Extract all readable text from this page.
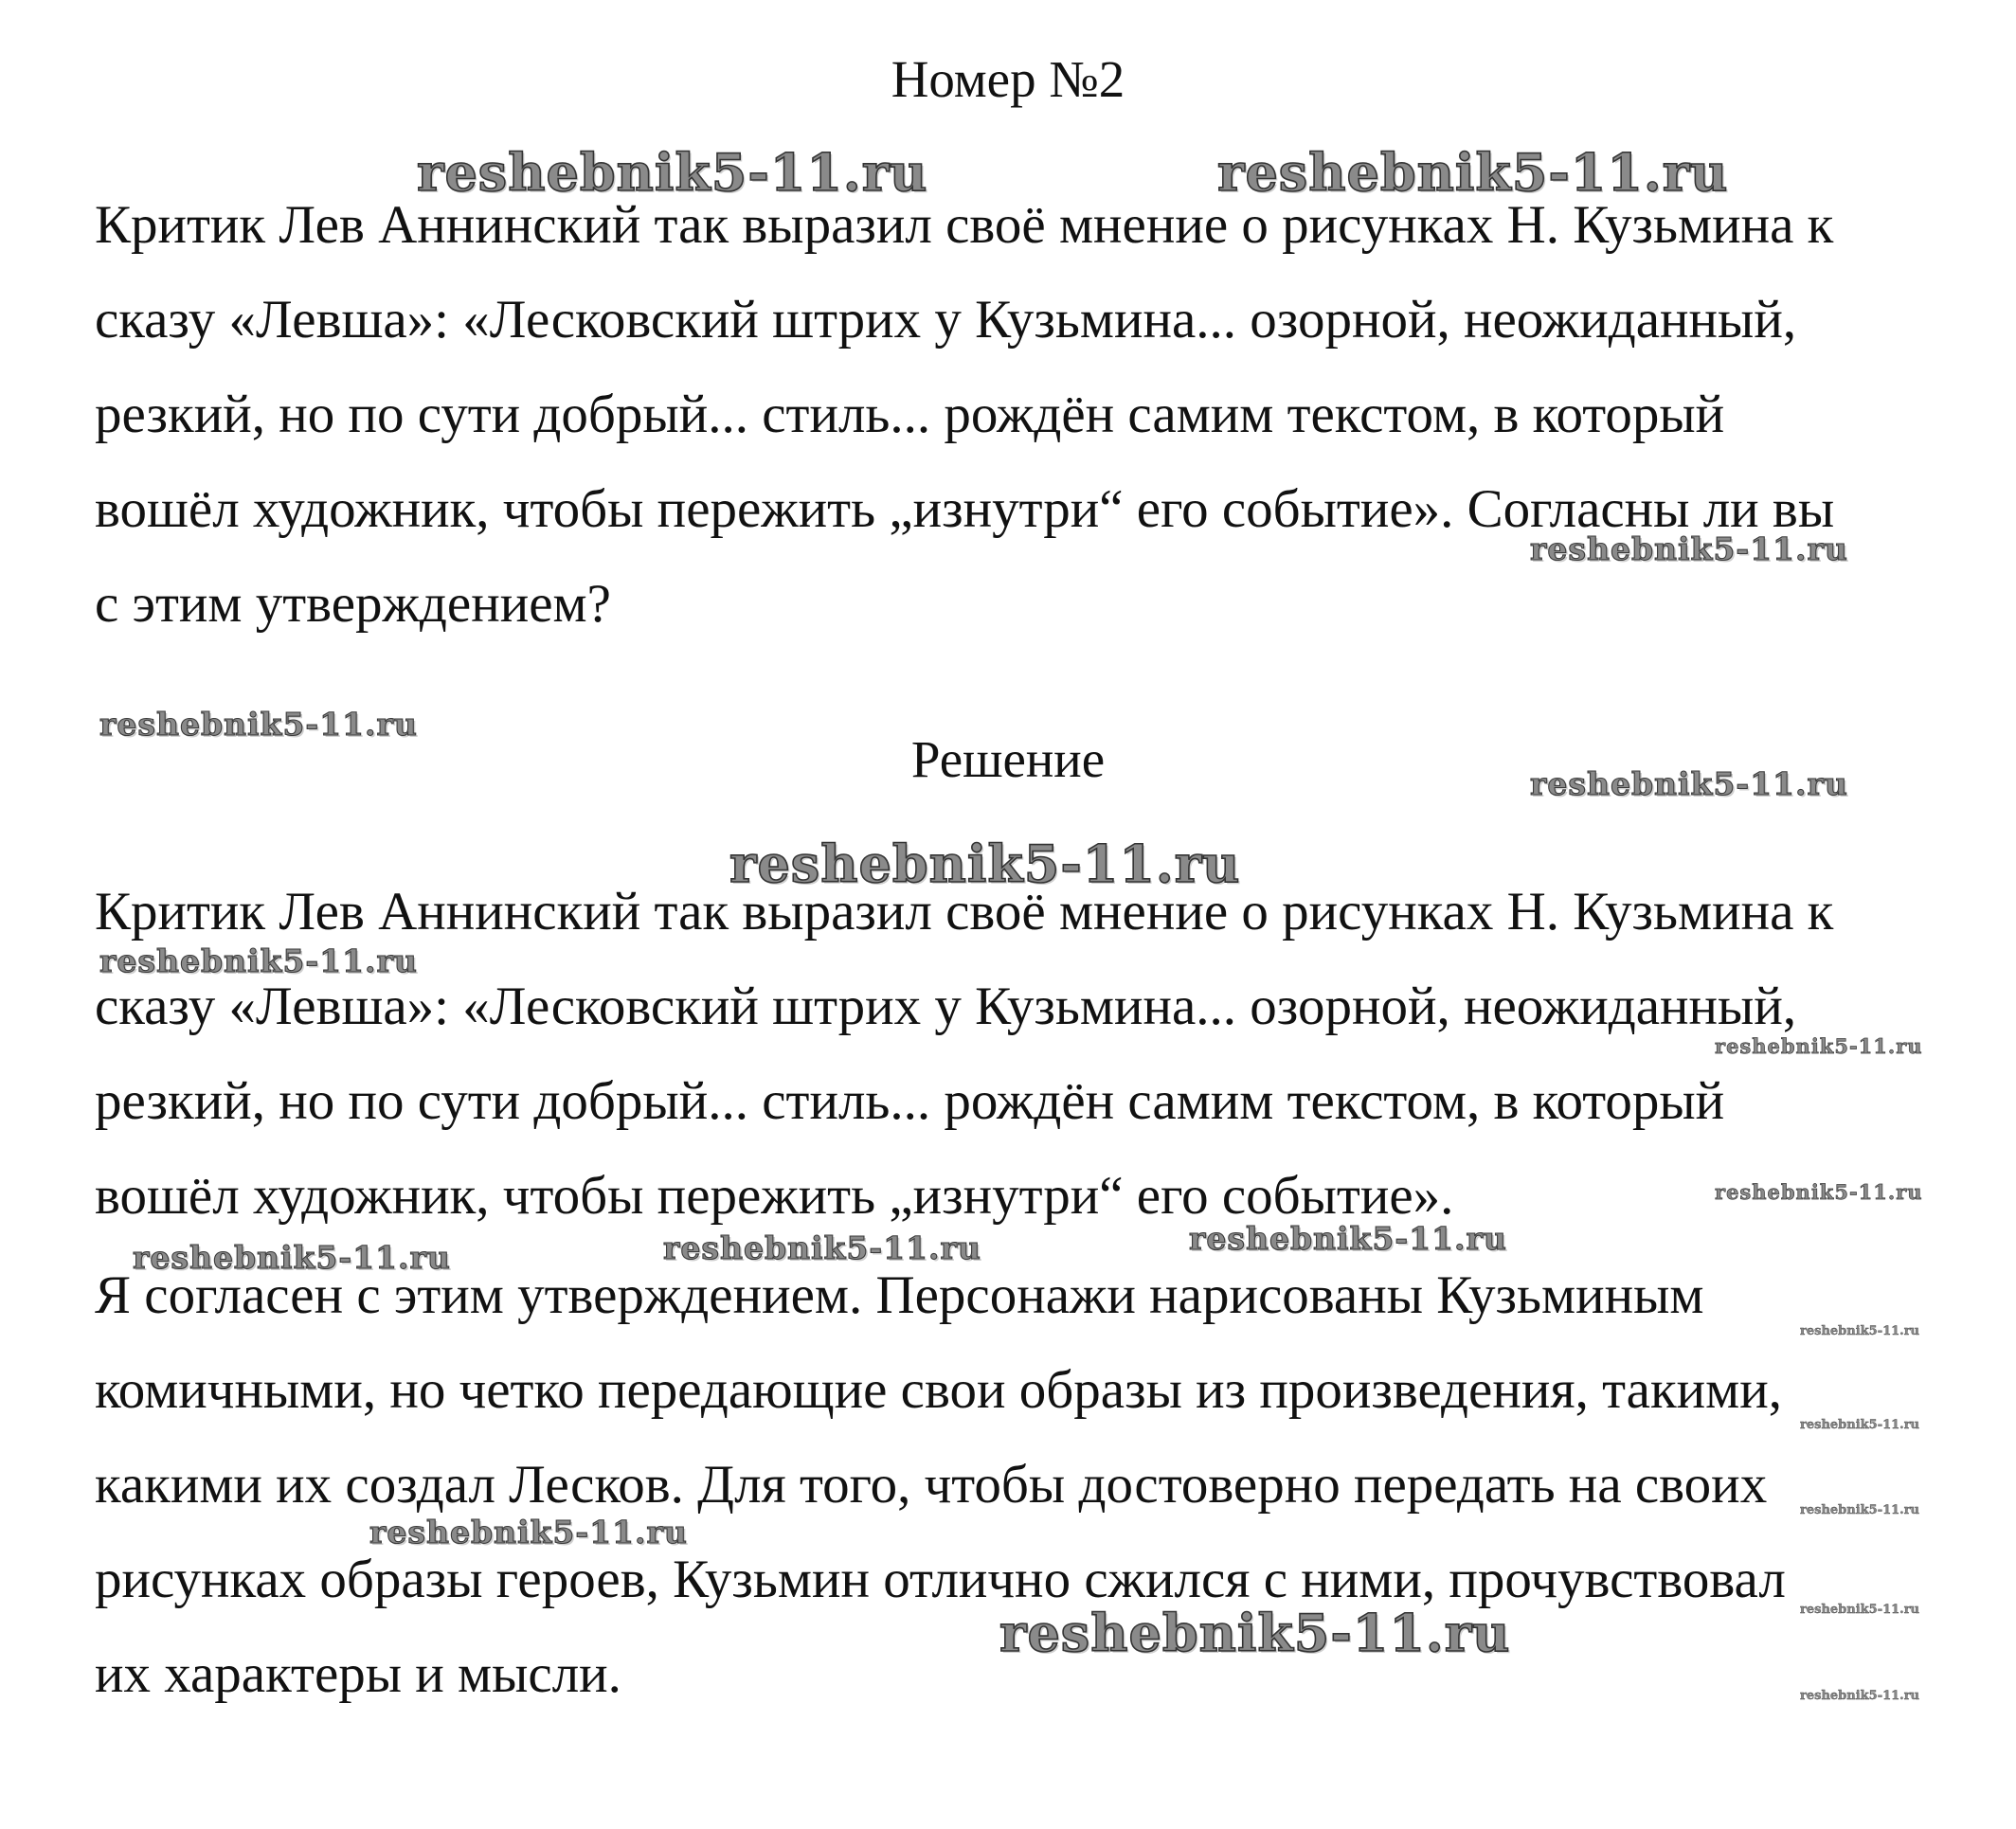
Номер №2
Критик Лев Аннинский так выразил своё мнение о рисунках Н. Кузьмина к
сказу «Левша»: «Лесковский штрих у Кузьмина... озорной, неожиданный,
резкий, но по сути добрый... стиль... рождён самим текстом, в который
вошёл художник, чтобы пережить „изнутри“ его событие». Согласны ли вы
с этим утверждением?
Решение
Критик Лев Аннинский так выразил своё мнение о рисунках Н. Кузьмина к
сказу «Левша»: «Лесковский штрих у Кузьмина... озорной, неожиданный,
резкий, но по сути добрый... стиль... рождён самим текстом, в который
вошёл художник, чтобы пережить „изнутри“ его событие».
Я согласен с этим утверждением. Персонажи нарисованы Кузьминым
комичными, но четко передающие свои образы из произведения, такими,
какими их создал Лесков. Для того, чтобы достоверно передать на своих
рисунках образы героев, Кузьмин отлично сжился с ними, прочувствовал
их характеры и мысли.
reshebnik5-11.ru	reshebnik5-11.ru
reshebnik5-11.ru
reshebnik5-11.ru
reshebnik5-11.ru
reshebnik5-11.ru
reshebnik5-11.ru
reshebnik5-11.ru
reshebnik5-11.ru
reshebnik5-11.ru	reshebnik5-11.ru	reshebnik5-11.ru
reshebnik5-11.ru
reshebnik5-11.ru
reshebnik5-11.ru
reshebnik5-11.ru
reshebnik5-11.ru
reshebnik5-11.ru
reshebnik5-11.ru
